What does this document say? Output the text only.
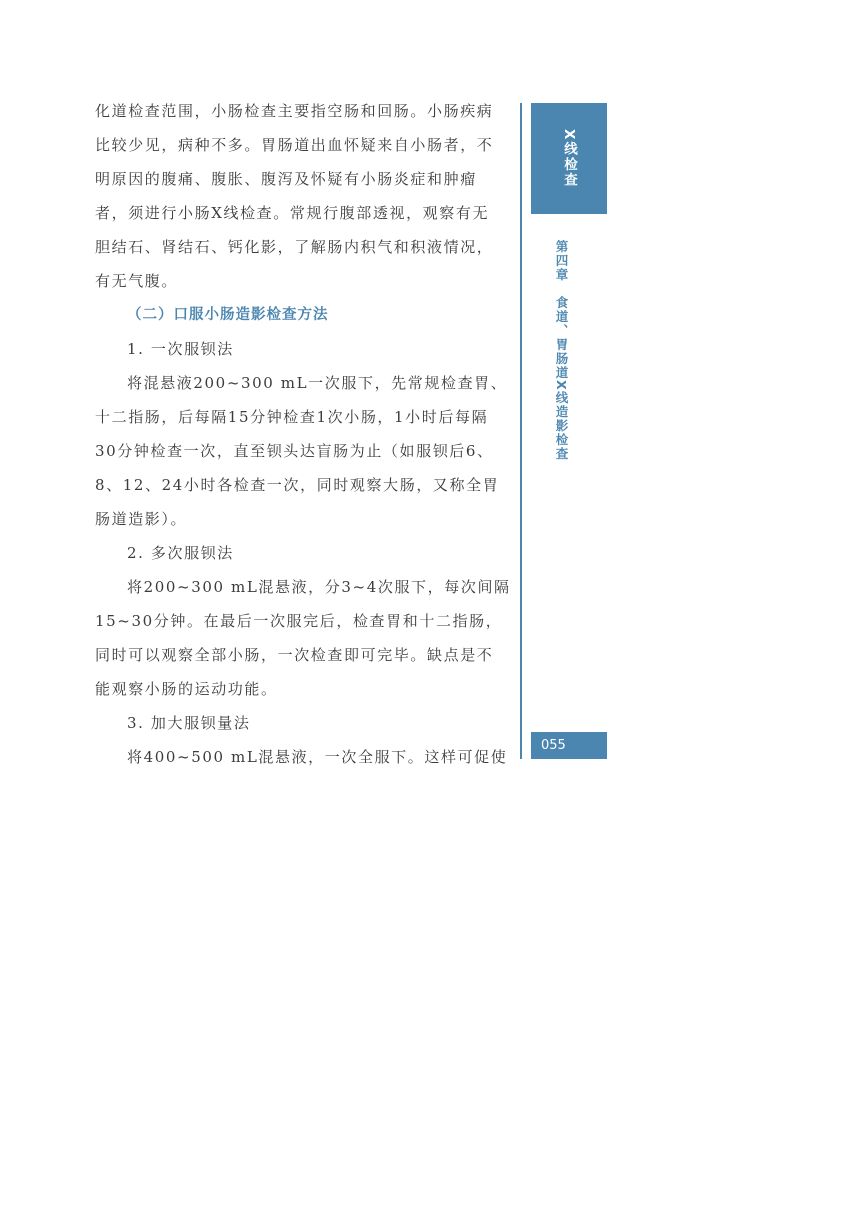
化道检查范围，小肠检查主要指空肠和回肠。小肠疾病
比较少见，病种不多。胃肠道出血怀疑来自小肠者，不
明原因的腹痛、腹胀、腹泻及怀疑有小肠炎症和肿瘤
者，须进行小肠X线检查。常规行腹部透视，观察有无
胆结石、肾结石、钙化影，了解肠内积气和积液情况，
有无气腹。
（二）口服小肠造影检查方法
1. 一次服钡法
将混悬液200~300 mL一次服下，先常规检查胃、
十二指肠，后每隔15分钟检查1次小肠，1小时后每隔
30分钟检查一次，直至钡头达盲肠为止（如服钡后6、
8、12、24小时各检查一次，同时观察大肠，又称全胃
肠道造影）。
2. 多次服钡法
将200~300 mL混悬液，分3~4次服下，每次间隔
15~30分钟。在最后一次服完后，检查胃和十二指肠，
同时可以观察全部小肠，一次检查即可完毕。缺点是不
能观察小肠的运动功能。
3. 加大服钡量法
将400~500 mL混悬液，一次全服下。这样可促使
X线检查
第四章　食道、胃肠道X线造影检查
055
